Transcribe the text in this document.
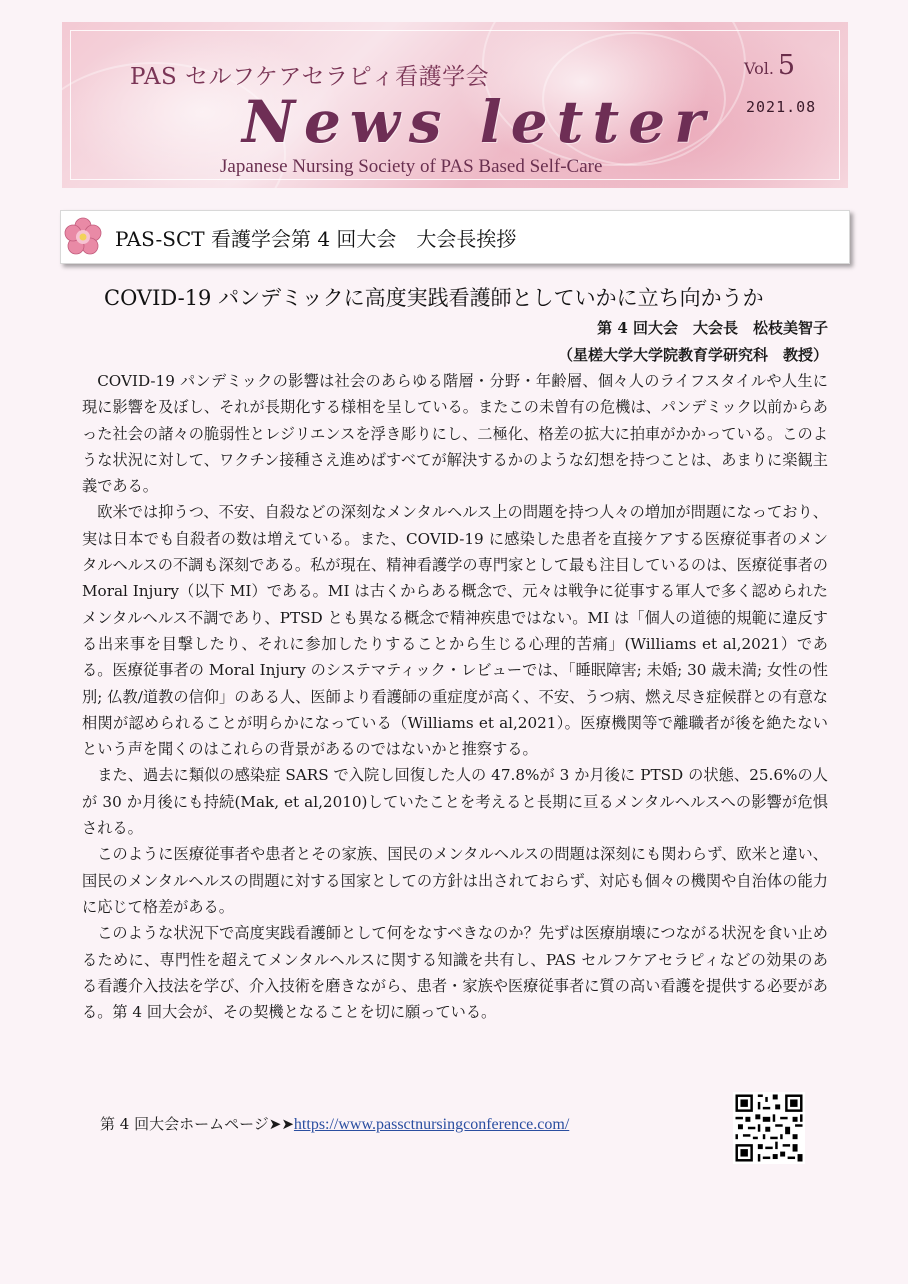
PAS セルフケアセラピィ看護学会	Vol. 5
2021.08
News letter
Japanese Nursing Society of PAS Based Self-Care
PAS-SCT 看護学会第 4 回大会　大会長挨拶
COVID-19 パンデミックに高度実践看護師としていかに立ち向かうか
第 4 回大会　大会長　松枝美智子
（星槎大学大学院教育学研究科　教授）

COVID-19 パンデミックの影響は社会のあらゆる階層・分野・年齢層、個々人のライフスタイルや人生に現に影響を及ぼし、それが長期化する様相を呈している。またこの未曽有の危機は、パンデミック以前からあった社会の諸々の脆弱性とレジリエンスを浮き彫りにし、二極化、格差の拡大に拍車がかかっている。このような状況に対して、ワクチン接種さえ進めばすべてが解決するかのような幻想を持つことは、あまりに楽観主義である。

欧米では抑うつ、不安、自殺などの深刻なメンタルヘルス上の問題を持つ人々の増加が問題になっており、実は日本でも自殺者の数は増えている。また、COVID-19 に感染した患者を直接ケアする医療従事者のメンタルヘルスの不調も深刻である。私が現在、精神看護学の専門家として最も注目しているのは、医療従事者の Moral Injury（以下 MI）である。MI は古くからある概念で、元々は戦争に従事する軍人で多く認められたメンタルヘルス不調であり、PTSD とも異なる概念で精神疾患ではない。MI は「個人の道徳的規範に違反する出来事を目撃したり、それに参加したりすることから生じる心理的苦痛」(Williams et al,2021）である。医療従事者の Moral Injury のシステマティック・レビューでは、「睡眠障害; 未婚; 30 歳未満; 女性の性別; 仏教/道教の信仰」のある人、医師より看護師の重症度が高く、不安、うつ病、燃え尽き症候群との有意な相関が認められることが明らかになっている（Williams et al,2021）。医療機関等で離職者が後を絶たないという声を聞くのはこれらの背景があるのではないかと推察する。

また、過去に類似の感染症 SARS で入院し回復した人の 47.8%が 3 か月後に PTSD の状態、25.6%の人が 30 か月後にも持続(Mak, et al,2010)していたことを考えると長期に亘るメンタルヘルスへの影響が危惧される。

このように医療従事者や患者とその家族、国民のメンタルヘルスの問題は深刻にも関わらず、欧米と違い、国民のメンタルヘルスの問題に対する国家としての方針は出されておらず、対応も個々の機関や自治体の能力に応じて格差がある。

このような状況下で高度実践看護師として何をなすべきなのか？先ずは医療崩壊につながる状況を食い止めるために、専門性を超えてメンタルヘルスに関する知識を共有し、PAS セルフケアセラピィなどの効果のある看護介入技法を学び、介入技術を磨きながら、患者・家族や医療従事者に質の高い看護を提供する必要がある。第 4 回大会が、その契機となることを切に願っている。

第 4 回大会ホームページ➤➤https://www.passctnursingconference.com/
